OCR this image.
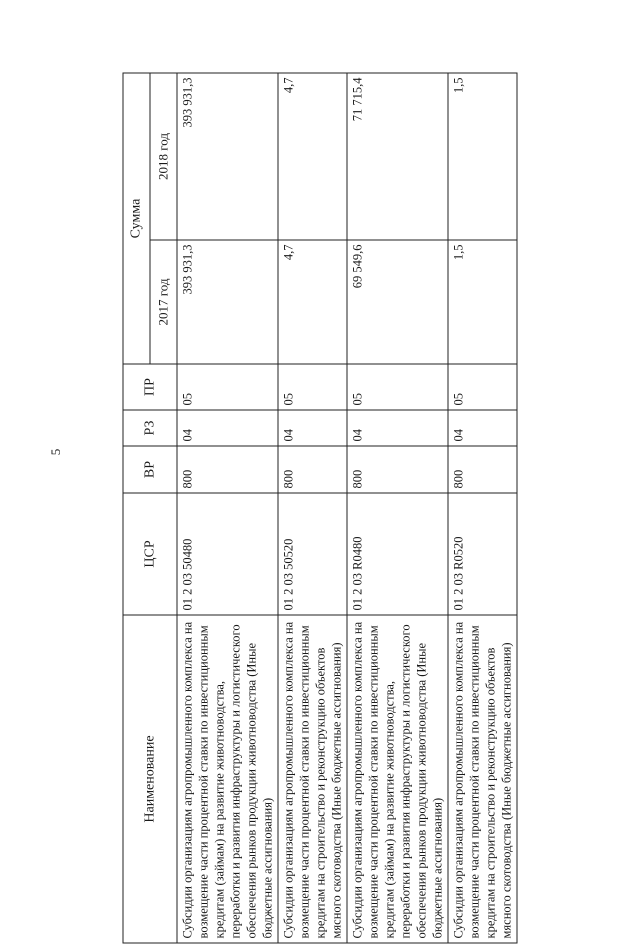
5
Наименование	ЦСР	ВР	РЗ	ПР	Сумма	
					2017 год	2018 год
Субсидии организациям агропромышленного комплекса на возмещение части процентной ставки по инвестиционным кредитам (займам) на развитие животноводства, переработки и развития инфраструктуры и логистического обеспечения рынков продукции животноводства (Иные бюджетные ассигнования)	01 2 03 50480	800	04	05	393 931,3	393 931,3
Субсидии организациям агропромышленного комплекса на возмещение части процентной ставки по инвестиционным кредитам на строительство и реконструкцию объектов мясного скотоводства (Иные бюджетные ассигнования)	01 2 03 50520	800	04	05	4,7	4,7
Субсидии организациям агропромышленного комплекса на возмещение части процентной ставки по инвестиционным кредитам (займам) на развитие животноводства, переработки и развития инфраструктуры и логистического обеспечения рынков продукции животноводства (Иные бюджетные ассигнования)	01 2 03 R0480	800	04	05	69 549,6	71 715,4
Субсидии организациям агропромышленного комплекса на возмещение части процентной ставки по инвестиционным кредитам на строительство и реконструкцию объектов мясного скотоводства (Иные бюджетные ассигнования)	01 2 03 R0520	800	04	05	1,5	1,5
